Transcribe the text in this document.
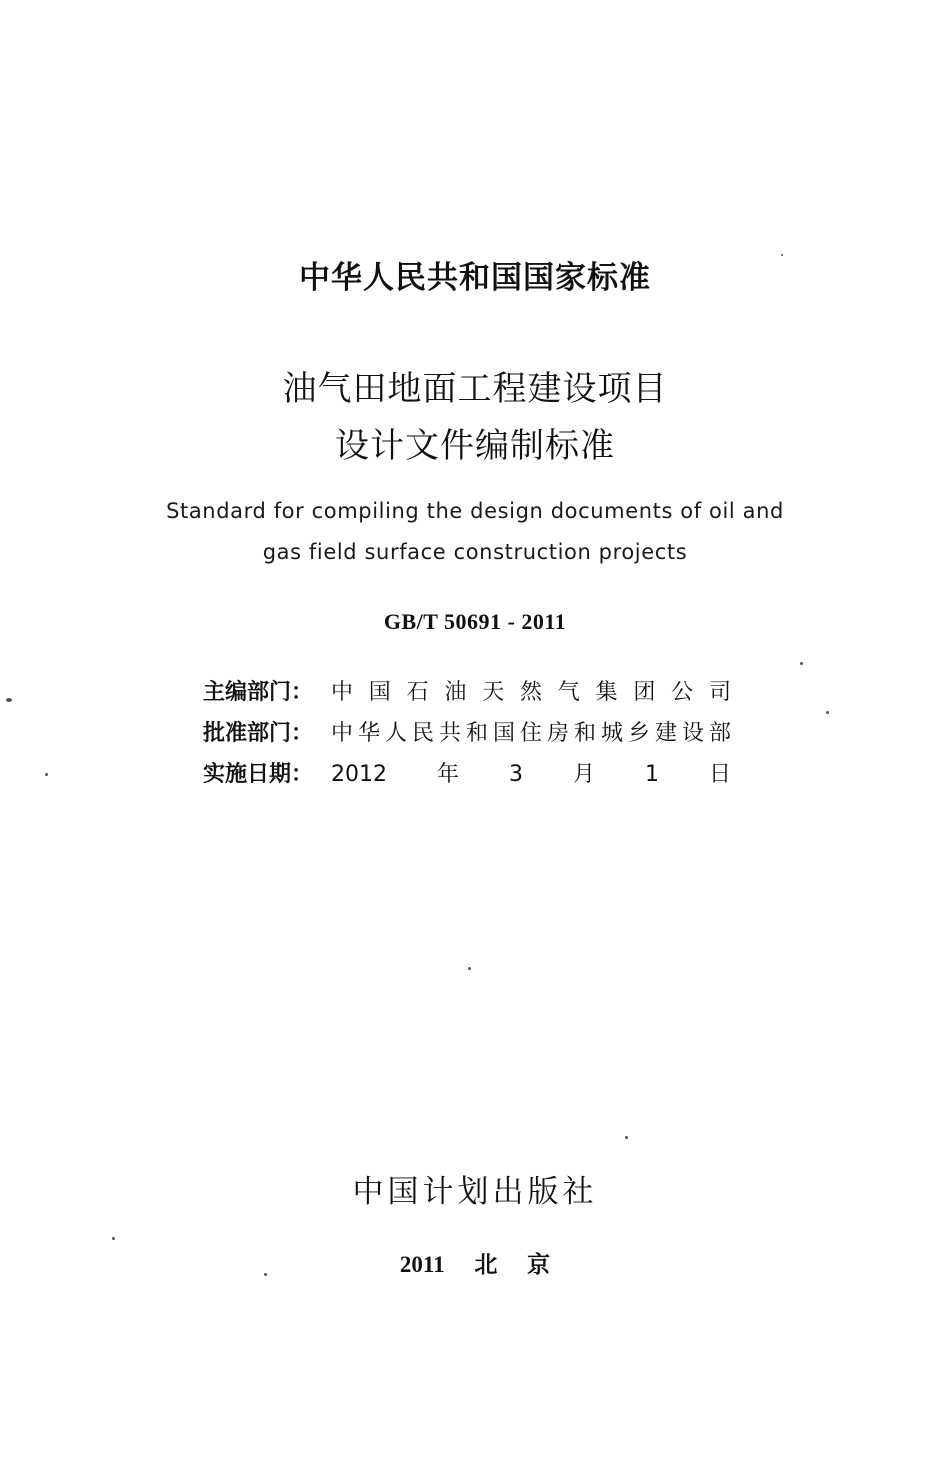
中华人民共和国国家标准
油气田地面工程建设项目
设计文件编制标准
Standard for compiling the design documents of oil and
gas field surface construction projects
GB/T 50691 - 2011
主编部门： 中国石油天然气集团公司
批准部门： 中华人民共和国住房和城乡建设部
实施日期： 2012年3月1日
中国计划出版社
2011 北 京
